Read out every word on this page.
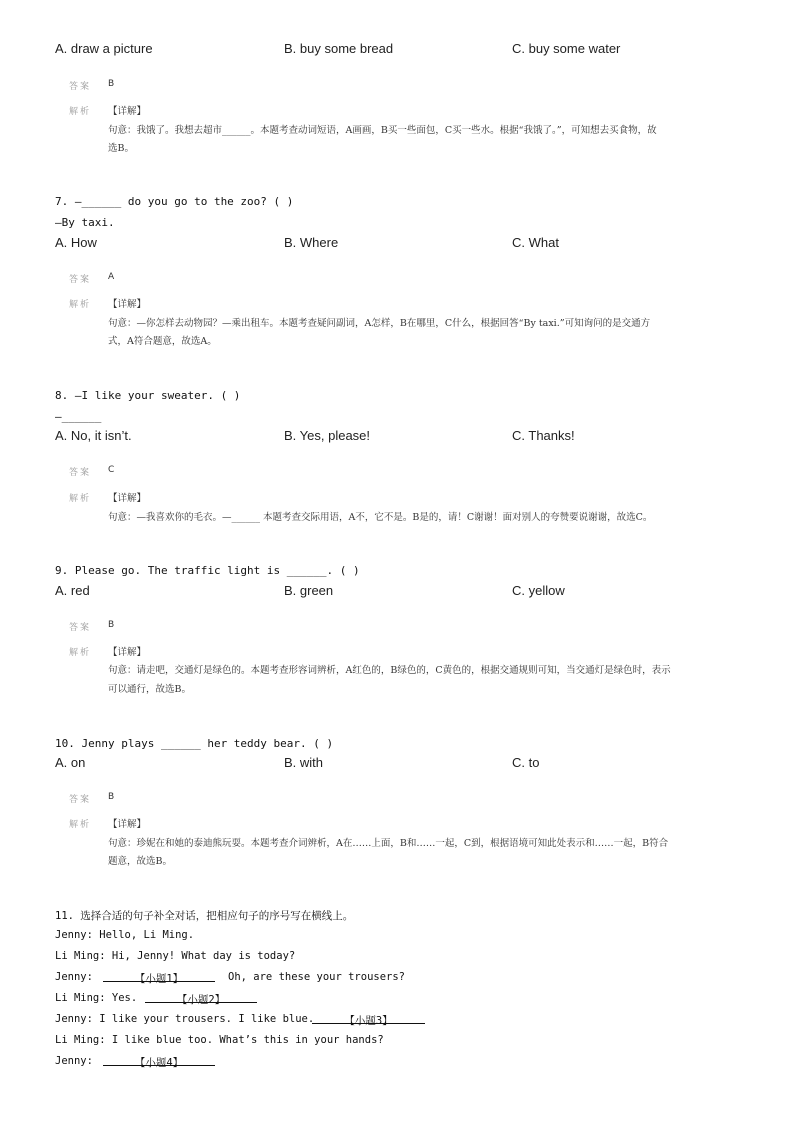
A. draw a picture	B. buy some bread	C. buy some water
答案 B
解析 【详解】
句意：我饿了。我想去超市______。本题考查动词短语，A画画，B买一些面包，C买一些水。根据“我饿了。”，可知想去买食物，故
选B。
7. —______ do you go to the zoo? ( )
—By taxi.
A. How	B. Where	C. What
答案 A
解析 【详解】
句意：—你怎样去动物园？—乘出租车。本题考查疑问副词，A怎样，B在哪里，C什么，根据回答“By taxi.”可知询问的是交通方
式，A符合题意，故选A。
8. —I like your sweater. ( )
—______
A. No, it isn’t.	B. Yes, please!	C. Thanks!
答案 C
解析 【详解】
句意：—我喜欢你的毛衣。—______ 本题考查交际用语，A不，它不是。B是的，请！C谢谢！面对别人的夸赞要说谢谢，故选C。
9. Please go. The traffic light is ______. ( )
A. red	B. green	C. yellow
答案 B
解析 【详解】
句意：请走吧，交通灯是绿色的。本题考查形容词辨析，A红色的，B绿色的，C黄色的，根据交通规则可知，当交通灯是绿色时，表示
可以通行，故选B。
10. Jenny plays ______ her teddy bear. ( )
A. on	B. with	C. to
答案 B
解析 【详解】
句意：珍妮在和她的泰迪熊玩耍。本题考查介词辨析，A在……上面，B和……一起，C到，根据语境可知此处表示和……一起，B符合
题意，故选B。
11. 选择合适的句子补全对话，把相应句子的序号写在横线上。
Jenny: Hello, Li Ming.
Li Ming: Hi, Jenny! What day is today?
Jenny:	【小题1】	Oh, are these your trousers?
Li Ming: Yes.	【小题2】
Jenny: I like your trousers. I like blue.	【小题3】
Li Ming: I like blue too. What’s this in your hands?
Jenny:	【小题4】
